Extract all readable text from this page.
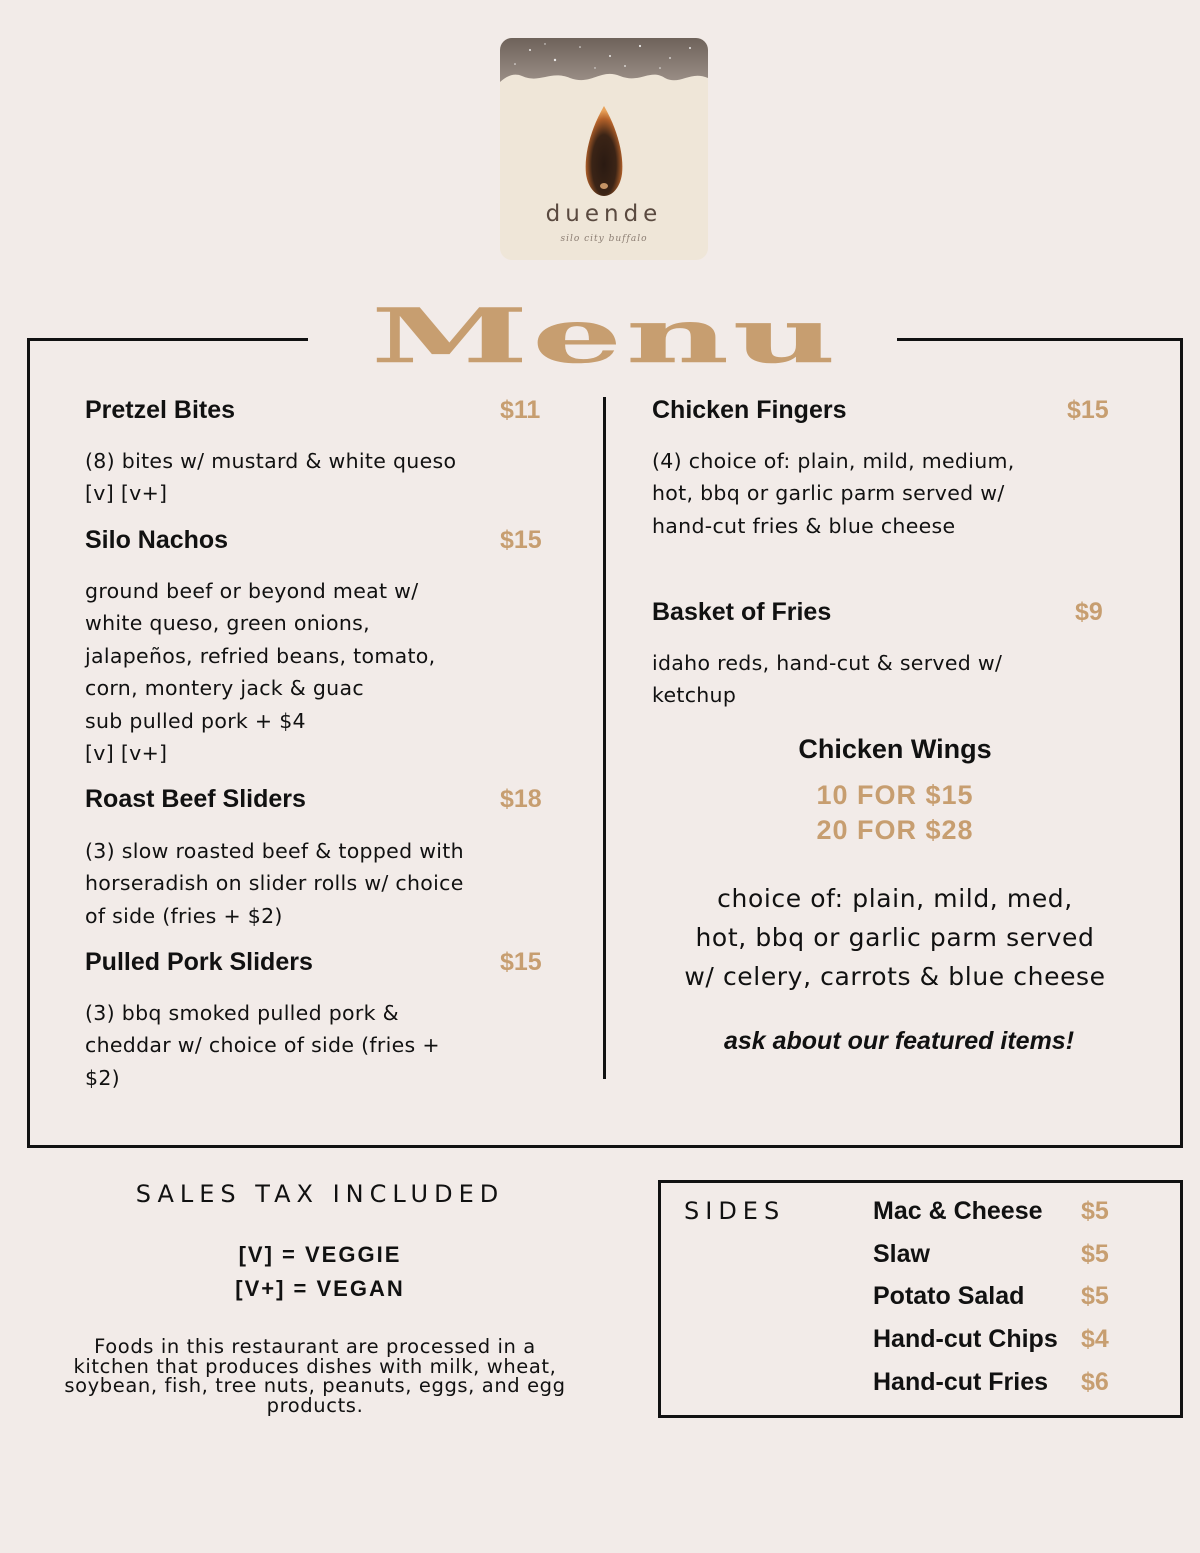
duende
silo city buffalo
Menu
Pretzel Bites	$11
(8) bites w/ mustard & white queso
[v] [v+]
Silo Nachos	$15
ground beef or beyond meat w/
white queso, green onions,
jalapeños, refried beans, tomato,
corn, montery jack & guac
sub pulled pork + $4
[v] [v+]
Roast Beef Sliders	$18
(3) slow roasted beef & topped with
horseradish on slider rolls w/ choice
of side (fries + $2)
Pulled Pork Sliders	$15
(3) bbq smoked pulled pork &
cheddar w/ choice of side (fries +
$2)
Chicken Fingers	$15
(4) choice of: plain, mild, medium,
hot, bbq or garlic parm served w/
hand-cut fries & blue cheese
Basket of Fries	$9
idaho reds, hand-cut & served w/
ketchup
Chicken Wings
10 FOR $15
20 FOR $28
choice of: plain, mild, med,
hot, bbq or garlic parm served
w/ celery, carrots & blue cheese
ask about our featured items!
SALES TAX INCLUDED
[V] = VEGGIE
[V+] = VEGAN
Foods in this restaurant are processed in a
kitchen that produces dishes with milk, wheat,
soybean, fish, tree nuts, peanuts, eggs, and egg
products.
SIDES	Mac & Cheese $5
Slaw	$5
Potato Salad $5
Hand-cut Chips $4
Hand-cut Fries $6
